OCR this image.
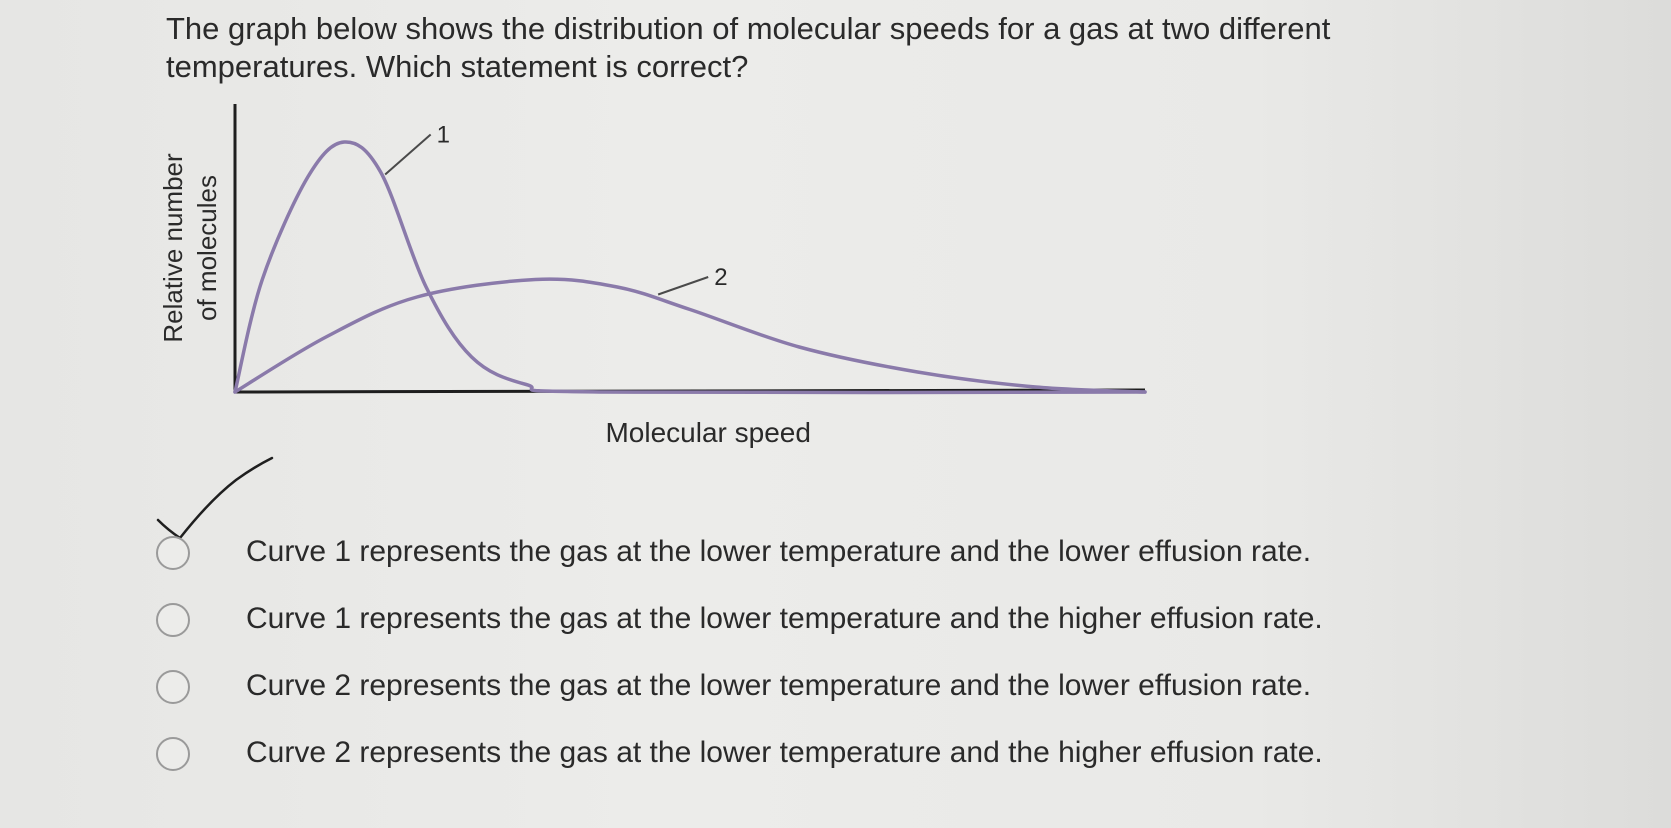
The graph below shows the distribution of molecular speeds for a gas at two different temperatures. Which statement is correct?

1
2
Molecular speed
Relative number of molecules
Curve 1 represents the gas at the lower temperature and the lower effusion rate.
Curve 1 represents the gas at the lower temperature and the higher effusion rate.
Curve 2 represents the gas at the lower temperature and the lower effusion rate.
Curve 2 represents the gas at the lower temperature and the higher effusion rate.
